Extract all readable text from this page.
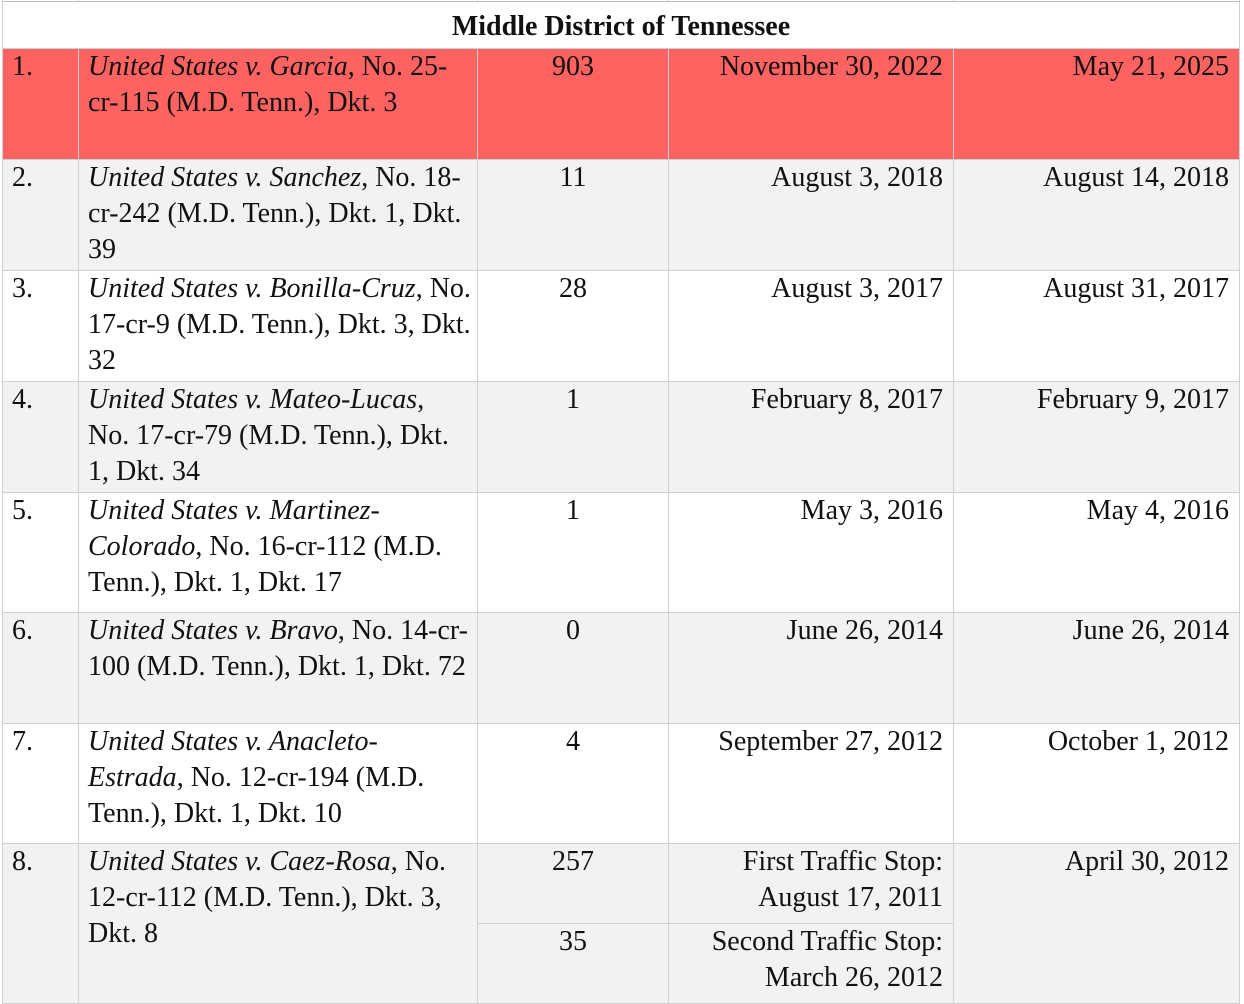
Middle District of Tennessee				
1.	United States v. Garcia, No. 25-cr-115 (M.D. Tenn.), Dkt. 3	903	November 30, 2022	May 21, 2025
2.	United States v. Sanchez, No. 18-cr-242 (M.D. Tenn.), Dkt. 1, Dkt. 39	11	August 3, 2018	August 14, 2018
3.	United States v. Bonilla-Cruz, No. 17-cr-9 (M.D. Tenn.), Dkt. 3, Dkt. 32	28	August 3, 2017	August 31, 2017
4.	United States v. Mateo-Lucas, No. 17-cr-79 (M.D. Tenn.), Dkt. 1, Dkt. 34	1	February 8, 2017	February 9, 2017
5.	United States v. Martinez-Colorado, No. 16-cr-112 (M.D. Tenn.), Dkt. 1, Dkt. 17	1	May 3, 2016	May 4, 2016
6.	United States v. Bravo, No. 14-cr-100 (M.D. Tenn.), Dkt. 1, Dkt. 72	0	June 26, 2014	June 26, 2014
7.	United States v. Anacleto-Estrada, No. 12-cr-194 (M.D. Tenn.), Dkt. 1, Dkt. 10	4	September 27, 2012	October 1, 2012
8.	United States v. Caez-Rosa, No. 12-cr-112 (M.D. Tenn.), Dkt. 3, Dkt. 8	257	First Traffic Stop: August 17, 2011	April 30, 2012
		35	Second Traffic Stop: March 26, 2012	
